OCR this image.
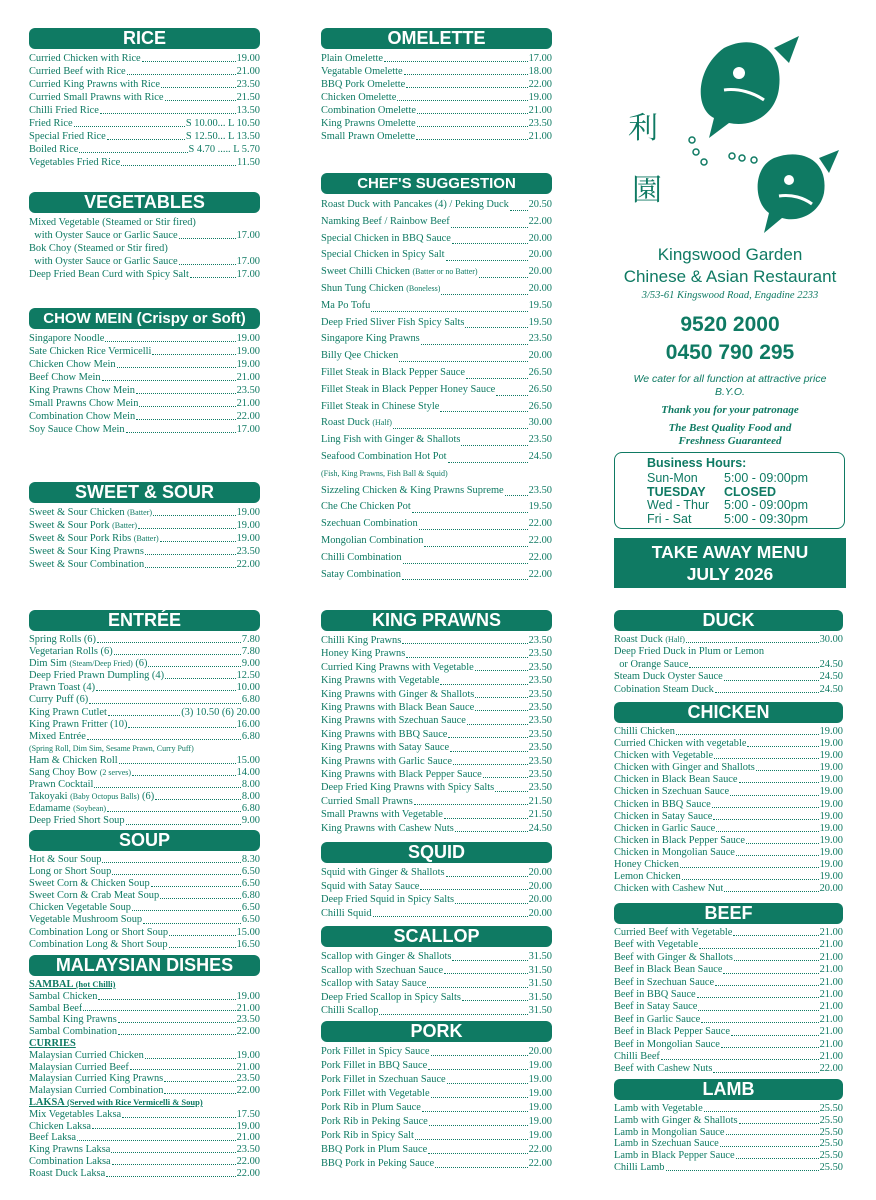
RICE
Curried Chicken with Rice	19.00
Curried Beef with Rice	21.00
Curried King Prawns with Rice	23.50
Curried Small Prawns with Rice	21.50
Chilli Fried Rice	13.50
Fried Rice	S 10.00... L 10.50
Special Fried Rice	S 12.50... L 13.50
Boiled Rice	S 4.70 ..... L 5.70
Vegetables Fried Rice	11.50
VEGETABLES
Mixed Vegetable (Steamed or Stir fired)
with Oyster Sauce or Garlic Sauce	17.00
Bok Choy (Steamed or Stir fired)
with Oyster Sauce or Garlic Sauce	17.00
Deep Fried Bean Curd with Spicy Salt	17.00
CHOW MEIN (Crispy or Soft)
Singapore Noodle	19.00
Sate Chicken Rice Vermicelli	19.00
Chicken Chow Mein	19.00
Beef Chow Mein	21.00
King Prawns Chow Mein	23.50
Small Prawns Chow Mein	21.00
Combination Chow Mein	22.00
Soy Sauce Chow Mein	17.00
SWEET & SOUR
Sweet & Sour Chicken (Batter)	19.00
Sweet & Sour Pork (Batter)	19.00
Sweet & Sour Pork Ribs (Batter)	19.00
Sweet & Sour King Prawns	23.50
Sweet & Sour Combination	22.00
OMELETTE
Plain Omelette	17.00
Vegatable Omelette	18.00
BBQ Pork Omelette	22.00
Chicken Omelette	19.00
Combination Omelette	21.00
King Prawns Omelette	23.50
Small Prawn Omelette	21.00
CHEF'S SUGGESTION
Roast Duck with Pancakes (4) / Peking Duck 20.50
Namking Beef / Rainbow Beef	22.00
Special Chicken in BBQ Sauce	20.00
Special Chicken in Spicy Salt	20.00
Sweet Chilli Chicken (Batter or no Batter)	20.00
Shun Tung Chicken (Boneless)	20.00
Ma Po Tofu	19.50
Deep Fried Sliver Fish Spicy Salts	19.50
Singapore King Prawns	23.50
Billy Qee Chicken	20.00
Fillet Steak in Black Pepper Sauce	26.50
Fillet Steak in Black Pepper Honey Sauce	26.50
Fillet Steak in Chinese Style	26.50
Roast Duck (Half)	30.00
Ling Fish with Ginger & Shallots	23.50
Seafood Combination Hot Pot	24.50
(Fish, King Prawns, Fish Ball & Squid)
Sizzeling Chicken & King Prawns Supreme 23.50
Che Che Chicken Pot	19.50
Szechuan Combination	22.00
Mongolian Combination	22.00
Chilli Combination	22.00
Satay Combination	22.00
利
園
Kingswood Garden
Chinese & Asian Restaurant
3/53-61 Kingswood Road, Engadine 2233
9520 2000
0450 790 295
We cater for all function at attractive price
B.Y.O.
Thank you for your patronage
The Best Quality Food and
Freshness Guaranteed
Business Hours:
Sun-Mon	5:00 - 09:00pm
TUESDAY	CLOSED
Wed - Thur	5:00 - 09:00pm
Fri - Sat	5:00 - 09:30pm
TAKE AWAY MENU
JULY 2026
ENTRÉE
Spring Rolls (6)	7.80
Vegetarian Rolls (6)	7.80
Dim Sim (Steam/Deep Fried) (6)	9.00
Deep Fried Prawn Dumpling (4)	12.50
Prawn Toast (4)	10.00
Curry Puff (6)	6.80
King Prawn Cutlet	(3) 10.50 (6) 20.00
King Prawn Fritter (10)	16.00
Mixed Entrée	6.80
(Spring Roll, Dim Sim, Sesame Prawn, Curry Puff)
Ham & Chicken Roll	15.00
Sang Choy Bow (2 serves)	14.00
Prawn Cocktail	8.00
Takoyaki (Baby Octopus Balls) (6)	8.00
Edamame (Soybean)	6.80
Deep Fried Short Soup	9.00
SOUP
Hot & Sour Soup	8.30
Long or Short Soup	6.50
Sweet Corn & Chicken Soup	6.50
Sweet Corn & Crab Meat Soup	6.80
Chicken Vegetable Soup	6.50
Vegetable Mushroom Soup	6.50
Combination Long or Short Soup	15.00
Combination Long & Short Soup	16.50
MALAYSIAN DISHES
SAMBAL (hot Chilli)
Sambal Chicken	19.00
Sambal Beef	21.00
Sambal King Prawns	23.50
Sambal Combination	22.00
CURRIES
Malaysian Curried Chicken	19.00
Malaysian Curried Beef	21.00
Malaysian Curried King Prawns	23.50
Malaysian Curried Combination	22.00
LAKSA (Served with Rice Vermicelli & Soup)
Mix Vegetables Laksa	17.50
Chicken Laksa	19.00
Beef Laksa	21.00
King Prawns Laksa	23.50
Combination Laksa	22.00
Roast Duck Laksa	22.00
KING PRAWNS
Chilli King Prawns	23.50
Honey King Prawns	23.50
Curried King Prawns with Vegetable	23.50
King Prawns with Vegetable	23.50
King Prawns with Ginger & Shallots	23.50
King Prawns with Black Bean Sauce	23.50
King Prawns with Szechuan Sauce	23.50
King Prawns with BBQ Sauce	23.50
King Prawns with Satay Sauce	23.50
King Prawns with Garlic Sauce	23.50
King Prawns with Black Pepper Sauce	23.50
Deep Fried King Prawns with Spicy Salts	23.50
Curried Small Prawns	21.50
Small Prawns with Vegetable	21.50
King Prawns with Cashew Nuts	24.50
SQUID
Squid with Ginger & Shallots	20.00
Squid with Satay Sauce	20.00
Deep Fried Squid in Spicy Salts	20.00
Chilli Squid	20.00
SCALLOP
Scallop with Ginger & Shallots	31.50
Scallop with Szechuan Sauce	31.50
Scallop with Satay Sauce	31.50
Deep Fried Scallop in Spicy Salts	31.50
Chilli Scallop	31.50
PORK
Pork Fillet in Spicy Sauce	20.00
Pork Fillet in BBQ Sauce	19.00
Pork Fillet in Szechuan Sauce	19.00
Pork Fillet with Vegetable	19.00
Pork Rib in Plum Sauce	19.00
Pork Rib in Peking Sauce	19.00
Pork Rib in Spicy Salt	19.00
BBQ Pork in Plum Sauce	22.00
BBQ Pork in Peking Sauce	22.00
DUCK
Roast Duck (Half)	30.00
Deep Fried Duck in Plum or Lemon
or Orange Sauce	24.50
Steam Duck Oyster Sauce	24.50
Cobination Steam Duck	24.50
CHICKEN
Chilli Chicken	19.00
Curried Chicken with vegetable	19.00
Chicken with Vegetable	19.00
Chicken with Ginger and Shallots	19.00
Chicken in Black Bean Sauce	19.00
Chicken in Szechuan Sauce	19.00
Chicken in BBQ Sauce	19.00
Chicken in Satay Sauce	19.00
Chicken in Garlic Sauce	19.00
Chicken in Black Pepper Sauce	19.00
Chicken in Mongolian Sauce	19.00
Honey Chicken	19.00
Lemon Chicken	19.00
Chicken with Cashew Nut	20.00
BEEF
Curried Beef with Vegetable	21.00
Beef with Vegetable	21.00
Beef with Ginger & Shallots	21.00
Beef in Black Bean Sauce	21.00
Beef in Szechuan Sauce	21.00
Beef in BBQ Sauce	21.00
Beef in Satay Sauce	21.00
Beef in Garlic Sauce	21.00
Beef in Black Pepper Sauce	21.00
Beef in Mongolian Sauce	21.00
Chilli Beef	21.00
Beef with Cashew Nuts	22.00
LAMB
Lamb with Vegetable	25.50
Lamb with Ginger & Shallots	25.50
Lamb in Mongolian Sauce	25.50
Lamb in Szechuan Sauce	25.50
Lamb in Black Pepper Sauce	25.50
Chilli Lamb	25.50
